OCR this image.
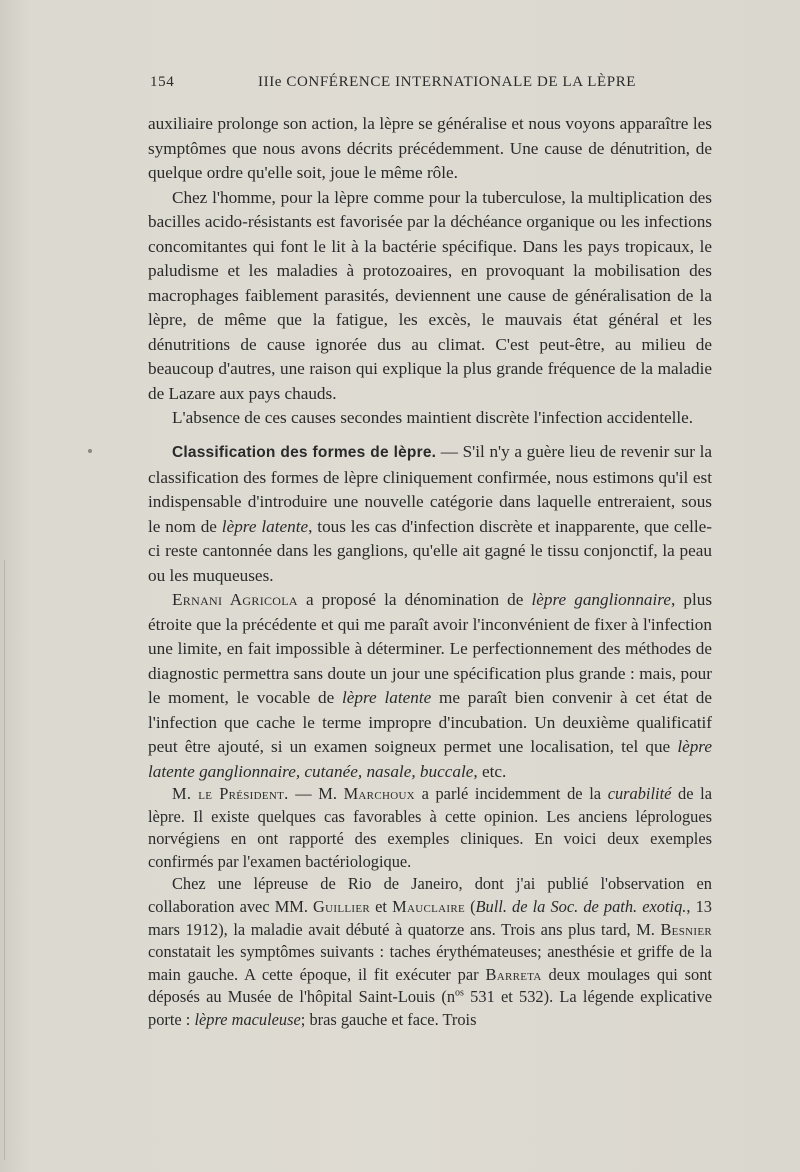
154	IIIe CONFÉRENCE INTERNATIONALE DE LA LÈPRE

auxiliaire prolonge son action, la lèpre se généralise et nous voyons apparaître les symptômes que nous avons décrits précédemment. Une cause de dénutrition, de quelque ordre qu'elle soit, joue le même rôle.

Chez l'homme, pour la lèpre comme pour la tuberculose, la multiplication des bacilles acido-résistants est favorisée par la déchéance organique ou les infections concomitantes qui font le lit à la bactérie spécifique. Dans les pays tropicaux, le paludisme et les maladies à protozoaires, en provoquant la mobilisation des macrophages faiblement parasités, deviennent une cause de généralisation de la lèpre, de même que la fatigue, les excès, le mauvais état général et les dénutritions de cause ignorée dus au climat. C'est peut-être, au milieu de beaucoup d'autres, une raison qui explique la plus grande fréquence de la maladie de Lazare aux pays chauds.

L'absence de ces causes secondes maintient discrète l'infection accidentelle.

Classification des formes de lèpre. — S'il n'y a guère lieu de revenir sur la classification des formes de lèpre cliniquement confirmée, nous estimons qu'il est indispensable d'introduire une nouvelle catégorie dans laquelle entreraient, sous le nom de lèpre latente, tous les cas d'infection discrète et inapparente, que celle-ci reste cantonnée dans les ganglions, qu'elle ait gagné le tissu conjonctif, la peau ou les muqueuses.

Ernani Agricola a proposé la dénomination de lèpre ganglionnaire, plus étroite que la précédente et qui me paraît avoir l'inconvénient de fixer à l'infection une limite, en fait impossible à déterminer. Le perfectionnement des méthodes de diagnostic permettra sans doute un jour une spécification plus grande : mais, pour le moment, le vocable de lèpre latente me paraît bien convenir à cet état de l'infection que cache le terme impropre d'incubation. Un deuxième qualificatif peut être ajouté, si un examen soigneux permet une localisation, tel que lèpre latente ganglionnaire, cutanée, nasale, buccale, etc.

M. le Président. — M. Marchoux a parlé incidemment de la curabilité de la lèpre. Il existe quelques cas favorables à cette opinion. Les anciens léprologues norvégiens en ont rapporté des exemples cliniques. En voici deux exemples confirmés par l'examen bactériologique.

Chez une lépreuse de Rio de Janeiro, dont j'ai publié l'observation en collaboration avec MM. Guillier et Mauclaire (Bull. de la Soc. de path. exotiq., 13 mars 1912), la maladie avait débuté à quatorze ans. Trois ans plus tard, M. Besnier constatait les symptômes suivants : taches érythémateuses; anesthésie et griffe de la main gauche. A cette époque, il fit exécuter par Barreta deux moulages qui sont déposés au Musée de l'hôpital Saint-Louis ($n^{os}$ 531 et 532). La légende explicative porte : lèpre maculeuse; bras gauche et face. Trois
